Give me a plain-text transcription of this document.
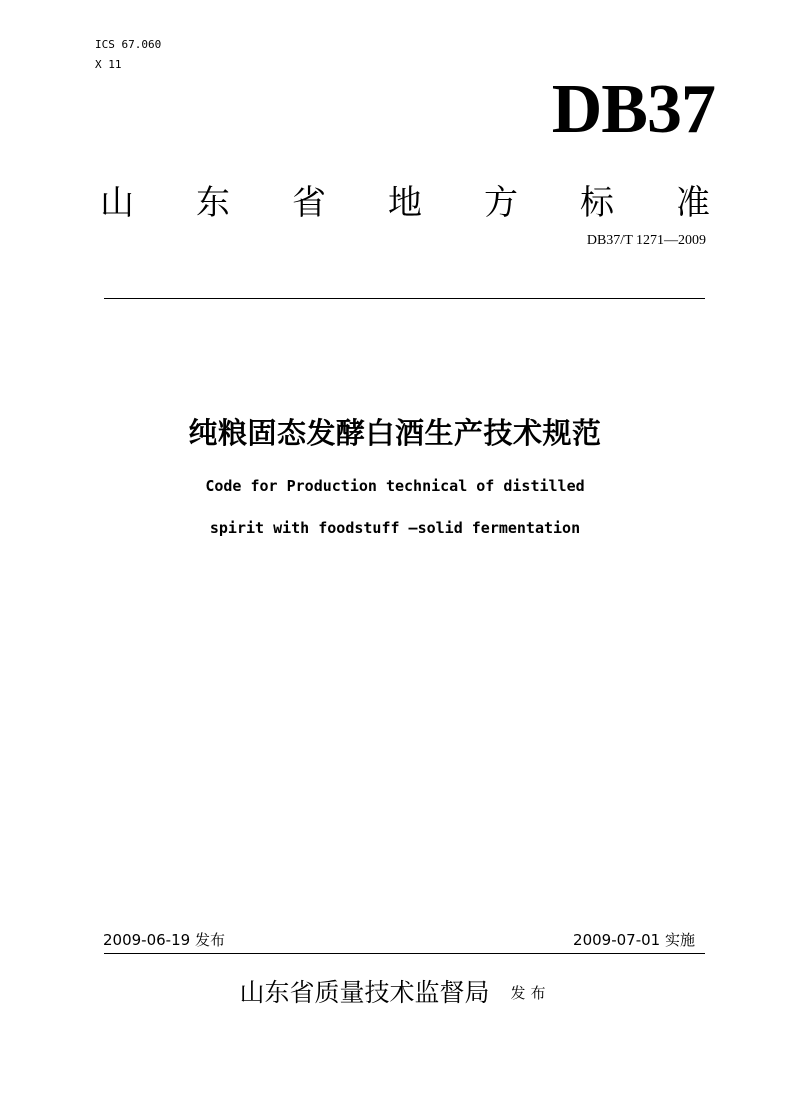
ICS 67.060
X 11
DB37
山 东 省 地 方 标 准
DB37/T 1271—2009
纯粮固态发酵白酒生产技术规范
Code for Production technical of distilled
spirit with foodstuff —solid fermentation
2009-06-19 发布	2009-07-01 实施
山东省质量技术监督局 发布
